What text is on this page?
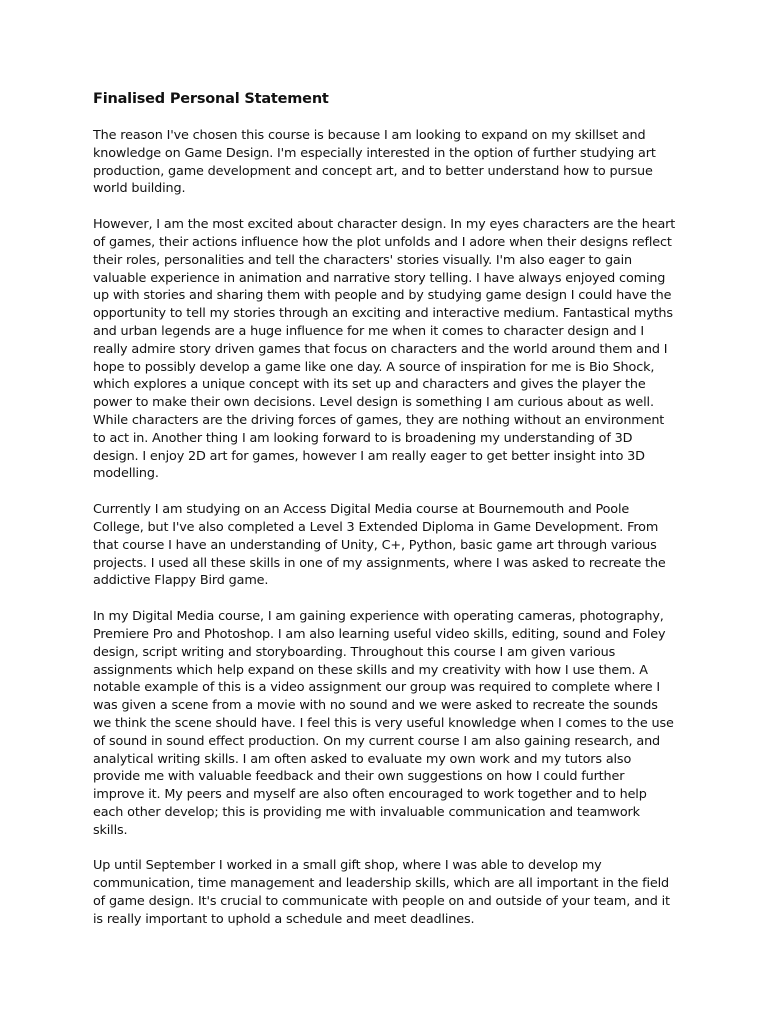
Finalised Personal Statement

The reason I've chosen this course is because I am looking to expand on my skillset and
knowledge on Game Design. I'm especially interested in the option of further studying art
production, game development and concept art, and to better understand how to pursue
world building.

However, I am the most excited about character design. In my eyes characters are the heart
of games, their actions influence how the plot unfolds and I adore when their designs reflect
their roles, personalities and tell the characters' stories visually. I'm also eager to gain
valuable experience in animation and narrative story telling. I have always enjoyed coming
up with stories and sharing them with people and by studying game design I could have the
opportunity to tell my stories through an exciting and interactive medium. Fantastical myths
and urban legends are a huge influence for me when it comes to character design and I
really admire story driven games that focus on characters and the world around them and I
hope to possibly develop a game like one day. A source of inspiration for me is Bio Shock,
which explores a unique concept with its set up and characters and gives the player the
power to make their own decisions. Level design is something I am curious about as well.
While characters are the driving forces of games, they are nothing without an environment
to act in. Another thing I am looking forward to is broadening my understanding of 3D
design. I enjoy 2D art for games, however I am really eager to get better insight into 3D
modelling.

Currently I am studying on an Access Digital Media course at Bournemouth and Poole
College, but I've also completed a Level 3 Extended Diploma in Game Development. From
that course I have an understanding of Unity, C+, Python, basic game art through various
projects. I used all these skills in one of my assignments, where I was asked to recreate the
addictive Flappy Bird game.

In my Digital Media course, I am gaining experience with operating cameras, photography,
Premiere Pro and Photoshop. I am also learning useful video skills, editing, sound and Foley
design, script writing and storyboarding. Throughout this course I am given various
assignments which help expand on these skills and my creativity with how I use them. A
notable example of this is a video assignment our group was required to complete where I
was given a scene from a movie with no sound and we were asked to recreate the sounds
we think the scene should have. I feel this is very useful knowledge when I comes to the use
of sound in sound effect production. On my current course I am also gaining research, and
analytical writing skills. I am often asked to evaluate my own work and my tutors also
provide me with valuable feedback and their own suggestions on how I could further
improve it. My peers and myself are also often encouraged to work together and to help
each other develop; this is providing me with invaluable communication and teamwork
skills.

Up until September I worked in a small gift shop, where I was able to develop my
communication, time management and leadership skills, which are all important in the field
of game design. It's crucial to communicate with people on and outside of your team, and it
is really important to uphold a schedule and meet deadlines.
